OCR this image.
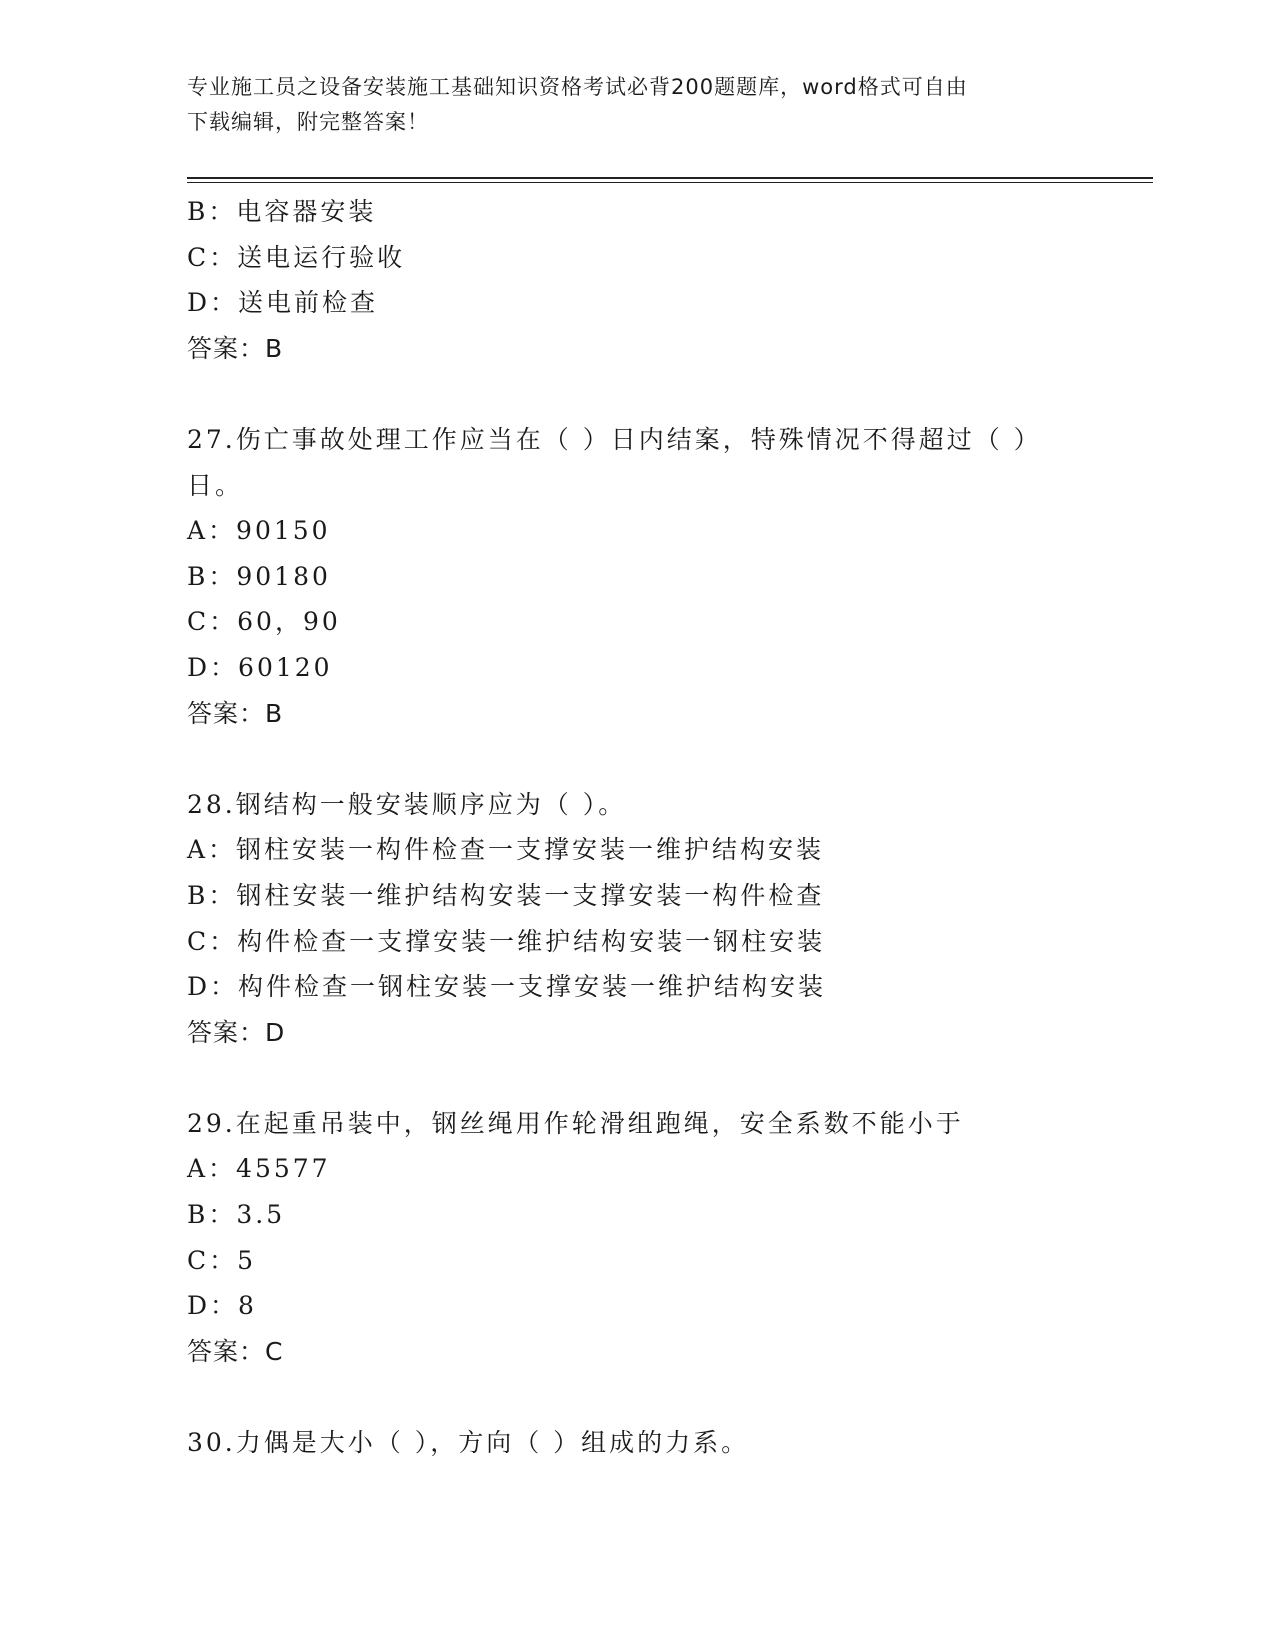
专业施工员之设备安装施工基础知识资格考试必背200题题库，word格式可自由
下载编辑，附完整答案！
B：电容器安装
C：送电运行验收
D：送电前检查
答案：B
27.伤亡事故处理工作应当在（ ）日内结案，特殊情况不得超过（ ）
日。
A：90150
B：90180
C：60，90
D：60120
答案：B
28.钢结构一般安装顺序应为（ ）。
A：钢柱安装一构件检查一支撑安装一维护结构安装
B：钢柱安装一维护结构安装一支撑安装一构件检查
C：构件检查一支撑安装一维护结构安装一钢柱安装
D：构件检查一钢柱安装一支撑安装一维护结构安装
答案：D
29.在起重吊装中，钢丝绳用作轮滑组跑绳，安全系数不能小于
A：45577
B：3.5
C：5
D：8
答案：C
30.力偶是大小（ ），方向（ ）组成的力系。
